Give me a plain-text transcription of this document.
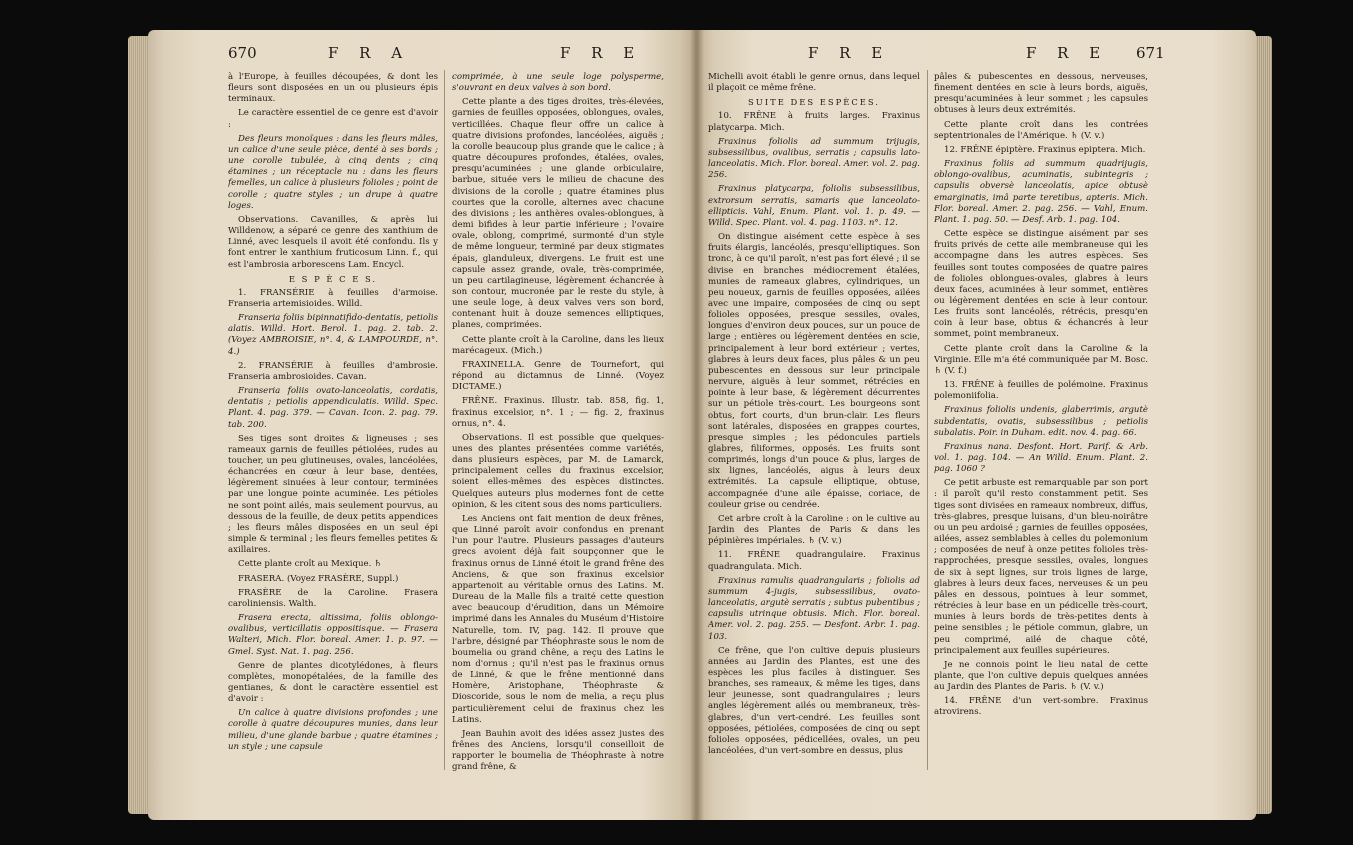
670	F R A	F R E	F R E	F R E 671

à l'Europe, à feuilles découpées, & dont les fleurs sont disposées en un ou plusieurs épis terminaux.

Le caractère essentiel de ce genre est d'avoir :

Des fleurs monoïques : dans les fleurs mâles, un calice d'une seule pièce, denté à ses bords ; une corolle tubulée, à cinq dents ; cinq étamines ; un réceptacle nu : dans les fleurs femelles, un calice à plusieurs folioles ; point de corolle ; quatre styles ; un drupe à quatre loges.

Observations. Cavanilles, & après lui Willdenow, a séparé ce genre des xanthium de Linné, avec lesquels il avoit été confondu. Ils y font entrer le xanthium fruticosum Linn. f., qui est l'ambrosia arborescens Lam. Encycl.

E S P È C E S.

1. FRANSÉRIE à feuilles d'armoise. Franseria artemisioides. Willd.

Franseria foliis bipinnatifido-dentatis, petiolis alatis. Willd. Hort. Berol. 1. pag. 2. tab. 2. (Voyez AMBROISIE, n°. 4, & LAMPOURDE, n°. 4.)

2. FRANSÉRIE à feuilles d'ambrosie. Franseria ambrosioides. Cavan.

Franseria foliis ovato-lanceolatis, cordatis, dentatis ; petiolis appendiculatis. Willd. Spec. Plant. 4. pag. 379. — Cavan. Icon. 2. pag. 79. tab. 200.

Ses tiges sont droites & ligneuses ; ses rameaux garnis de feuilles pétiolées, rudes au toucher, un peu glutineuses, ovales, lancéolées, échancrées en cœur à leur base, dentées, légèrement sinuées à leur contour, terminées par une longue pointe acuminée. Les pétioles ne sont point ailés, mais seulement pourvus, au dessous de la feuille, de deux petits appendices ; les fleurs mâles disposées en un seul épi simple & terminal ; les fleurs femelles petites & axillaires.

Cette plante croît au Mexique. ♄

FRASERA. (Voyez FRASÈRE, Suppl.)

FRASÈRE de la Caroline. Frasera caroliniensis. Walth.

Frasera erecta, altissima, foliis oblongo-ovalibus, verticillatis oppositisque. — Frasera Walteri, Mich. Flor. boreal. Amer. 1. p. 97. — Gmel. Syst. Nat. 1. pag. 256.

Genre de plantes dicotylédones, à fleurs complètes, monopétalées, de la famille des gentianes, & dont le caractère essentiel est d'avoir :

Un calice à quatre divisions profondes ; une corolle à quatre découpures munies, dans leur milieu, d'une glande barbue ; quatre étamines ; un style ; une capsule

comprimée, à une seule loge polysperme, s'ouvrant en deux valves à son bord.

Cette plante a des tiges droites, très-élevées, garnies de feuilles opposées, oblongues, ovales, verticillées. Chaque fleur offre un calice à quatre divisions profondes, lancéolées, aiguës ; la corolle beaucoup plus grande que le calice ; à quatre découpures profondes, étalées, ovales, presqu'acuminées ; une glande orbiculaire, barbue, située vers le milieu de chacune des divisions de la corolle ; quatre étamines plus courtes que la corolle, alternes avec chacune des divisions ; les anthères ovales-oblongues, à demi bifides à leur partie inférieure ; l'ovaire ovale, oblong, comprimé, surmonté d'un style de même longueur, terminé par deux stigmates épais, glanduleux, divergens. Le fruit est une capsule assez grande, ovale, très-comprimée, un peu cartilagineuse, légèrement échancrée à son contour, mucronée par le reste du style, à une seule loge, à deux valves vers son bord, contenant huit à douze semences elliptiques, planes, comprimées.

Cette plante croît à la Caroline, dans les lieux marécageux. (Mich.)

FRAXINELLA. Genre de Tournefort, qui répond au dictamnus de Linné. (Voyez DICTAME.)

FRÊNE. Fraxinus. Illustr. tab. 858, fig. 1, fraxinus excelsior, n°. 1 ; — fig. 2, fraxinus ornus, n°. 4.

Observations. Il est possible que quelques-unes des plantes présentées comme variétés, dans plusieurs espèces, par M. de Lamarck, principalement celles du fraxinus excelsior, soient elles-mêmes des espèces distinctes. Quelques auteurs plus modernes font de cette opinion, & les citent sous des noms particuliers.

Les Anciens ont fait mention de deux frênes, que Linné paroît avoir confondus en prenant l'un pour l'autre. Plusieurs passages d'auteurs grecs avoient déjà fait soupçonner que le fraxinus ornus de Linné étoit le grand frêne des Anciens, & que son fraxinus excelsior appartenoit au véritable ornus des Latins. M. Dureau de la Malle fils a traité cette question avec beaucoup d'érudition, dans un Mémoire imprimé dans les Annales du Muséum d'Histoire Naturelle, tom. IV, pag. 142. Il prouve que l'arbre, désigné par Théophraste sous le nom de boumelia ou grand chêne, a reçu des Latins le nom d'ornus ; qu'il n'est pas le fraxinus ornus de Linné, & que le frêne mentionné dans Homère, Aristophane, Théophraste & Dioscoride, sous le nom de melia, a reçu plus particulièrement celui de fraxinus chez les Latins.

Jean Bauhin avoit des idées assez justes des frênes des Anciens, lorsqu'il conseilloit de rapporter le boumelia de Théophraste à notre grand frêne, &

Michelli avoit établi le genre ornus, dans lequel il plaçoit ce même frêne.

SUITE DES ESPÈCES.

10. FRÊNE à fruits larges. Fraxinus platycarpa. Mich.

Fraxinus foliolis ad summum trijugis, subsessilibus, ovalibus, serratis ; capsulis lato-lanceolatis. Mich. Flor. boreal. Amer. vol. 2. pag. 256.

Fraxinus platycarpa, foliolis subsessilibus, extrorsum serratis, samaris que lanceolato-ellipticis. Vahl, Enum. Plant. vol. 1. p. 49. — Willd. Spec. Plant. vol. 4. pag. 1103. n°. 12.

On distingue aisément cette espèce à ses fruits élargis, lancéolés, presqu'elliptiques. Son tronc, à ce qu'il paroît, n'est pas fort élevé ; il se divise en branches médiocrement étalées, munies de rameaux glabres, cylindriques, un peu noueux, garnis de feuilles opposées, ailées avec une impaire, composées de cinq ou sept folioles opposées, presque sessiles, ovales, longues d'environ deux pouces, sur un pouce de large ; entières ou légèrement dentées en scie, principalement à leur bord extérieur ; vertes, glabres à leurs deux faces, plus pâles & un peu pubescentes en dessous sur leur principale nervure, aiguës à leur sommet, rétrécies en pointe à leur base, & légèrement décurrentes sur un pétiole très-court. Les bourgeons sont obtus, fort courts, d'un brun-clair. Les fleurs sont latérales, disposées en grappes courtes, presque simples ; les pédoncules partiels glabres, filiformes, opposés. Les fruits sont comprimés, longs d'un pouce & plus, larges de six lignes, lancéolés, aigus à leurs deux extrémités. La capsule elliptique, obtuse, accompagnée d'une aile épaisse, coriace, de couleur grise ou cendrée.

Cet arbre croît à la Caroline : on le cultive au Jardin des Plantes de Paris & dans les pépinières impériales. ♄ (V. v.)

11. FRÊNE quadrangulaire. Fraxinus quadrangulata. Mich.

Fraxinus ramulis quadrangularis ; foliolis ad summum 4-jugis, subsessilibus, ovato-lanceolatis, argutè serratis ; subtus pubentibus ; capsulis utrinque obtusis. Mich. Flor. boreal. Amer. vol. 2. pag. 255. — Desfont. Arbr. 1. pag. 103.

Ce frêne, que l'on cultive depuis plusieurs années au Jardin des Plantes, est une des espèces les plus faciles à distinguer. Ses branches, ses rameaux, & même les tiges, dans leur jeunesse, sont quadrangulaires ; leurs angles légèrement ailés ou membraneux, très-glabres, d'un vert-cendré. Les feuilles sont opposées, pétiolées, composées de cinq ou sept folioles opposées, pédicellées, ovales, un peu lancéolées, d'un vert-sombre en dessus, plus

pâles & pubescentes en dessous, nerveuses, finement dentées en scie à leurs bords, aiguës, presqu'acuminées à leur sommet ; les capsules obtuses à leurs deux extrémités.

Cette plante croît dans les contrées septentrionales de l'Amérique. ♄ (V. v.)

12. FRÊNE épiptère. Fraxinus epiptera. Mich.

Fraxinus foliis ad summum quadrijugis, oblongo-ovalibus, acuminatis, subintegris ; capsulis obversè lanceolatis, apice obtusè emarginatis, imâ parte teretibus, apteris. Mich. Flor. boreal. Amer. 2. pag. 256. — Vahl, Enum. Plant. 1. pag. 50. — Desf. Arb. 1. pag. 104.

Cette espèce se distingue aisément par ses fruits privés de cette aile membraneuse qui les accompagne dans les autres espèces. Ses feuilles sont toutes composées de quatre paires de folioles oblongues-ovales, glabres à leurs deux faces, acuminées à leur sommet, entières ou légèrement dentées en scie à leur contour. Les fruits sont lancéolés, rétrécis, presqu'en coin à leur base, obtus & échancrés à leur sommet, point membraneux.

Cette plante croît dans la Caroline & la Virginie. Elle m'a été communiquée par M. Bosc. ♄ (V. f.)

13. FRÊNE à feuilles de polémoine. Fraxinus polemoniifolia.

Fraxinus foliolis undenis, glaberrimis, argutè subdentatis, ovatis, subsessilibus ; petiolis subalatis. Poir. in Duham. edit. nov. 4. pag. 66.

Fraxinus nana. Desfont. Hort. Parif. & Arb. vol. 1. pag. 104. — An Willd. Enum. Plant. 2. pag. 1060 ?

Ce petit arbuste est remarquable par son port : il paroît qu'il resto constamment petit. Ses tiges sont divisées en rameaux nombreux, diffus, très-glabres, presque luisans, d'un bleu-noirâtre ou un peu ardoisé ; garnies de feuilles opposées, ailées, assez semblables à celles du polemonium ; composées de neuf à onze petites folioles très-rapprochées, presque sessiles, ovales, longues de six à sept lignes, sur trois lignes de large, glabres à leurs deux faces, nerveuses & un peu pâles en dessous, pointues à leur sommet, rétrécies à leur base en un pédicelle très-court, munies à leurs bords de très-petites dents à peine sensibles ; le pétiole commun, glabre, un peu comprimé, ailé de chaque côté, principalement aux feuilles supérieures.

Je ne connois point le lieu natal de cette plante, que l'on cultive depuis quelques années au Jardin des Plantes de Paris. ♄ (V. v.)

14. FRÊNE d'un vert-sombre. Fraxinus atrovirens.
